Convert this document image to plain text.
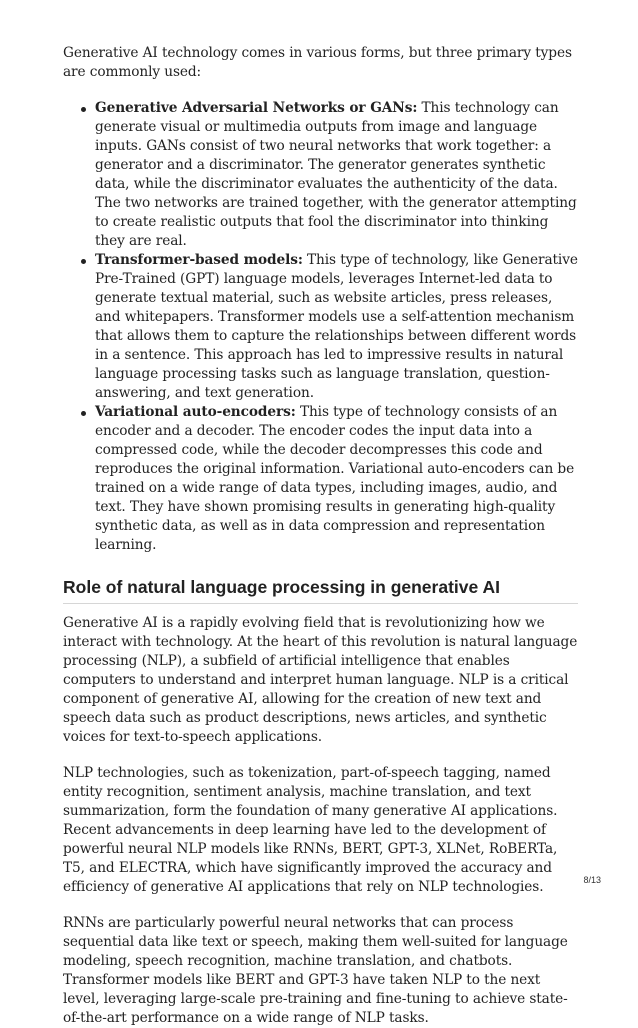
Generative AI technology comes in various forms, but three primary types are commonly used:

Generative Adversarial Networks or GANs: This technology can generate visual or multimedia outputs from image and language inputs. GANs consist of two neural networks that work together: a generator and a discriminator. The generator generates synthetic data, while the discriminator evaluates the authenticity of the data. The two networks are trained together, with the generator attempting to create realistic outputs that fool the discriminator into thinking they are real.
Transformer-based models: This type of technology, like Generative Pre-Trained (GPT) language models, leverages Internet-led data to generate textual material, such as website articles, press releases, and whitepapers. Transformer models use a self-attention mechanism that allows them to capture the relationships between different words in a sentence. This approach has led to impressive results in natural language processing tasks such as language translation, question-answering, and text generation.
Variational auto-encoders: This type of technology consists of an encoder and a decoder. The encoder codes the input data into a compressed code, while the decoder decompresses this code and reproduces the original information. Variational auto-encoders can be trained on a wide range of data types, including images, audio, and text. They have shown promising results in generating high-quality synthetic data, as well as in data compression and representation learning.
Role of natural language processing in generative AI

Generative AI is a rapidly evolving field that is revolutionizing how we interact with technology. At the heart of this revolution is natural language processing (NLP), a subfield of artificial intelligence that enables computers to understand and interpret human language. NLP is a critical component of generative AI, allowing for the creation of new text and speech data such as product descriptions, news articles, and synthetic voices for text-to-speech applications.

NLP technologies, such as tokenization, part-of-speech tagging, named entity recognition, sentiment analysis, machine translation, and text summarization, form the foundation of many generative AI applications. Recent advancements in deep learning have led to the development of powerful neural NLP models like RNNs, BERT, GPT-3, XLNet, RoBERTa, T5, and ELECTRA, which have significantly improved the accuracy and efficiency of generative AI applications that rely on NLP technologies.

RNNs are particularly powerful neural networks that can process sequential data like text or speech, making them well-suited for language modeling, speech recognition, machine translation, and chatbots. Transformer models like BERT and GPT-3 have taken NLP to the next level, leveraging large-scale pre-training and fine-tuning to achieve state-of-the-art performance on a wide range of NLP tasks.

8/13
